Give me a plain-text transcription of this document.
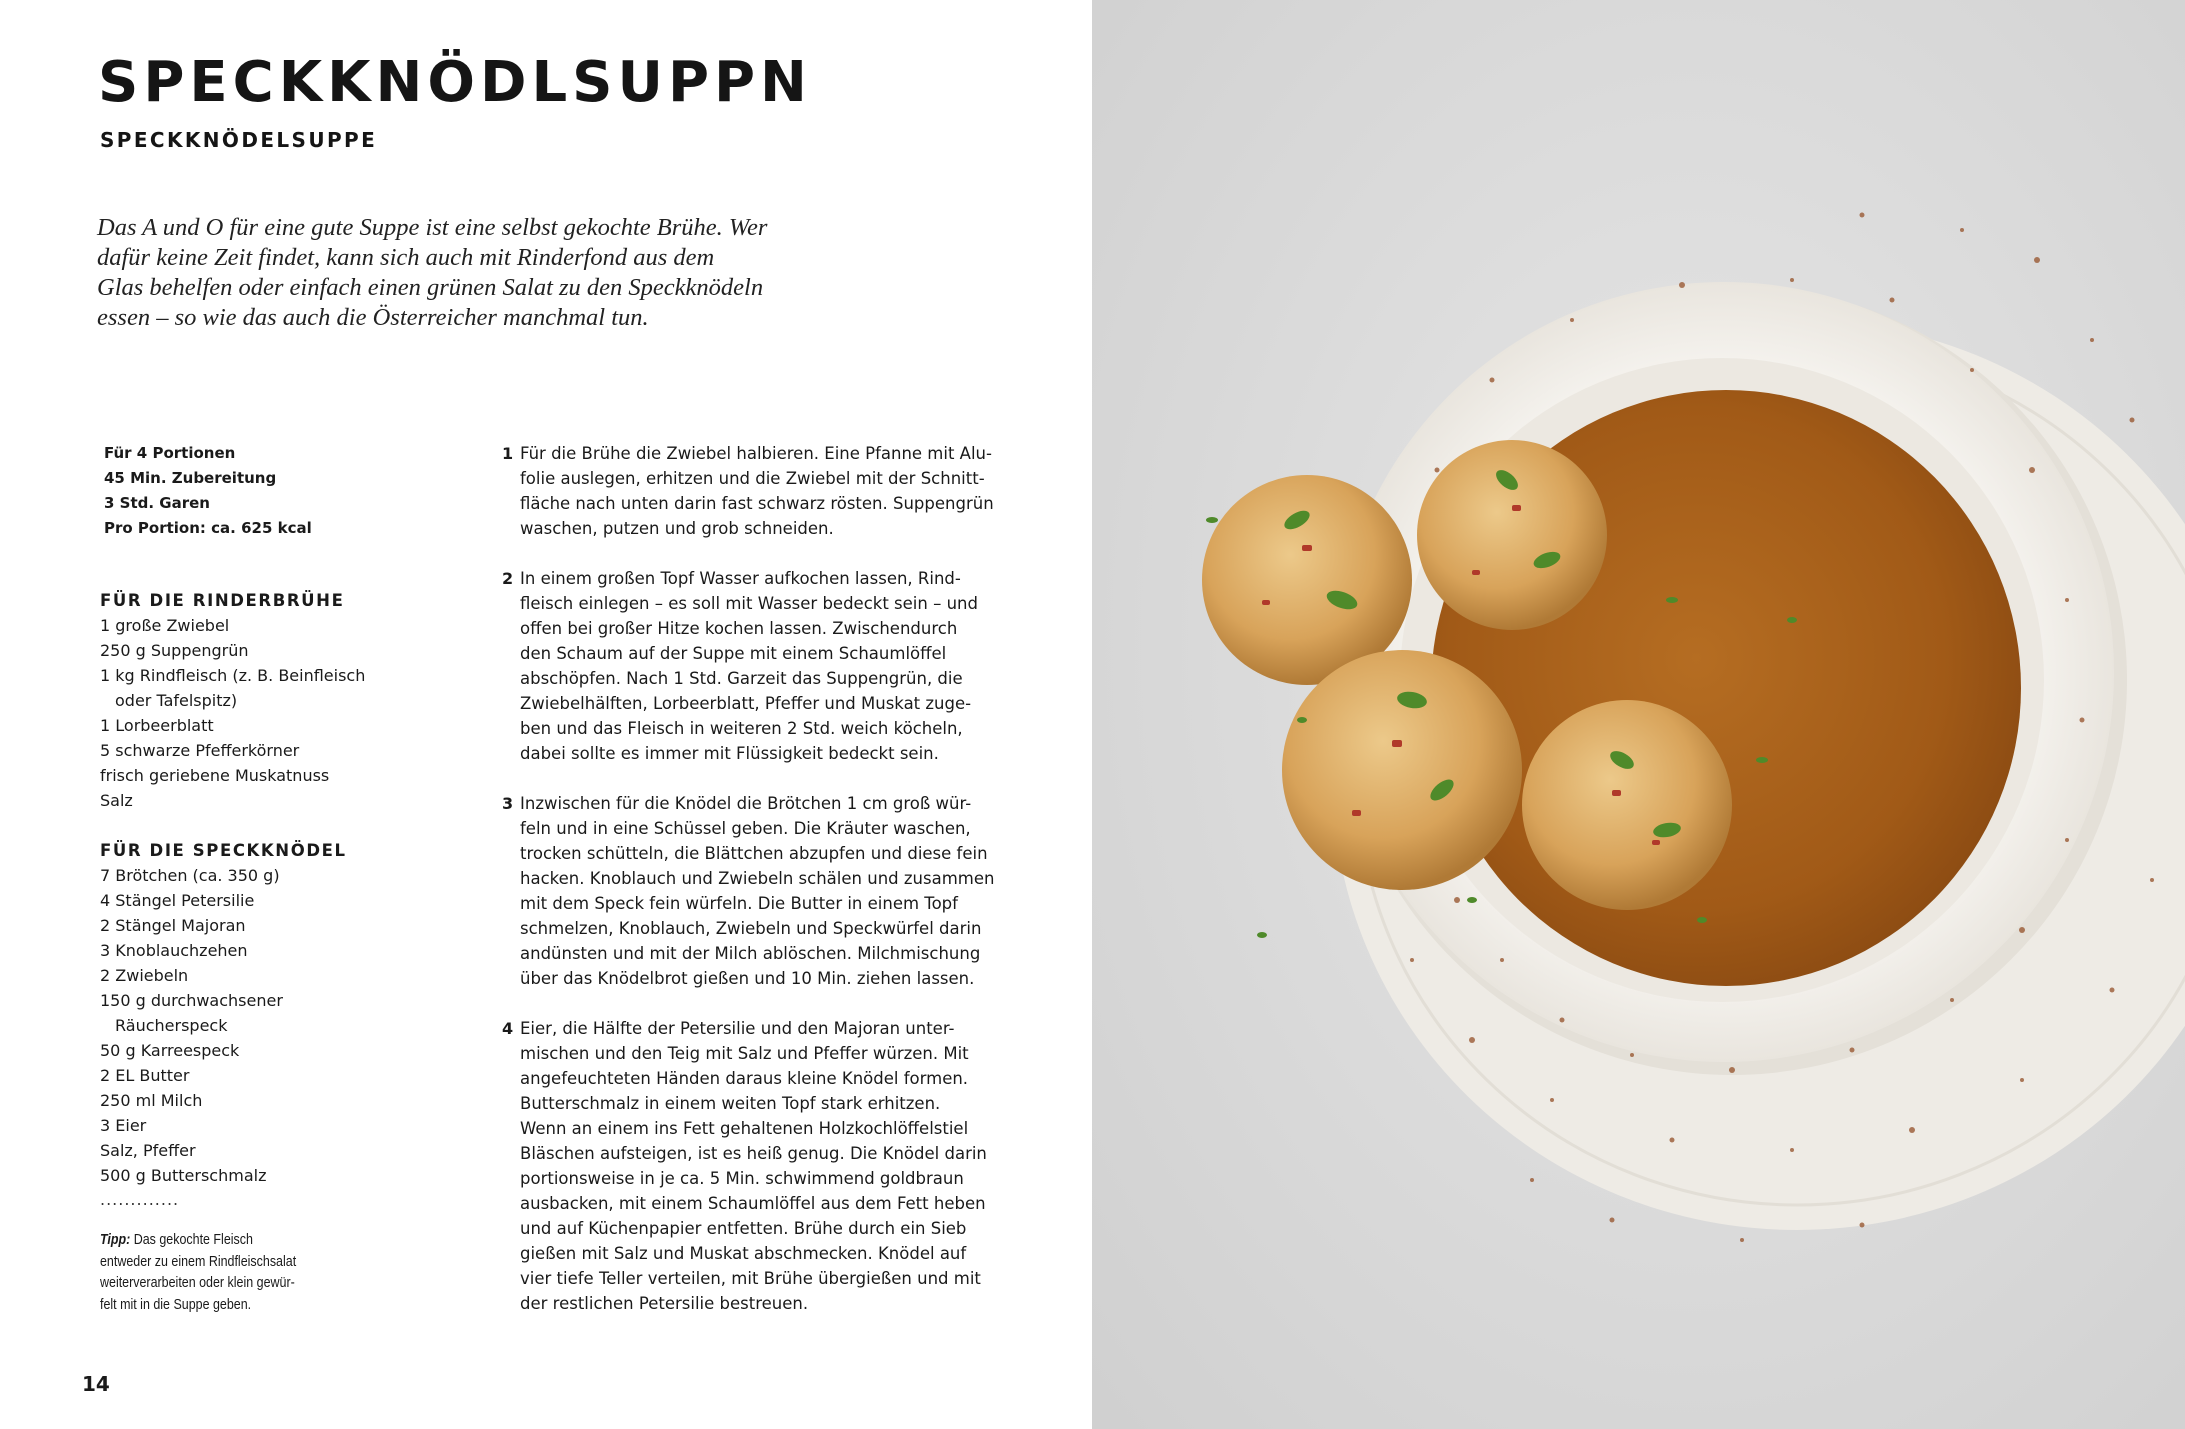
SPECKKNÖDLSUPPN
SPECKKNÖDELSUPPE

Das A und O für eine gute Suppe ist eine selbst gekochte Brühe. Wer
dafür keine Zeit findet, kann sich auch mit Rinderfond aus dem
Glas behelfen oder einfach einen grünen Salat zu den Speckknödeln
essen – so wie das auch die Österreicher manchmal tun.

Für 4 Portionen
45 Min. Zubereitung
3 Std. Garen
Pro Portion: ca. 625 kcal
FÜR DIE RINDERBRÜHE
1 große Zwiebel
250 g Suppengrün
1 kg Rindfleisch (z. B. Beinfleisch
oder Tafelspitz)
1 Lorbeerblatt
5 schwarze Pfefferkörner
frisch geriebene Muskatnuss
Salz
FÜR DIE SPECKKNÖDEL
7 Brötchen (ca. 350 g)
4 Stängel Petersilie
2 Stängel Majoran
3 Knoblauchzehen
2 Zwiebeln
150 g durchwachsener
Räucherspeck
50 g Karreespeck
2 EL Butter
250 ml Milch
3 Eier
Salz, Pfeffer
500 g Butterschmalz
.............
Tipp: Das gekochte Fleisch
entweder zu einem Rindfleischsalat
weiterverarbeiten oder klein gewür-
felt mit in die Suppe geben.
1 Für die Brühe die Zwiebel halbieren. Eine Pfanne mit Alu-
folie auslegen, erhitzen und die Zwiebel mit der Schnitt-
fläche nach unten darin fast schwarz rösten. Suppengrün
waschen, putzen und grob schneiden.
2 In einem großen Topf Wasser aufkochen lassen, Rind-
fleisch einlegen – es soll mit Wasser bedeckt sein – und
offen bei großer Hitze kochen lassen. Zwischendurch
den Schaum auf der Suppe mit einem Schaumlöffel
abschöpfen. Nach 1 Std. Garzeit das Suppengrün, die
Zwiebelhälften, Lorbeerblatt, Pfeffer und Muskat zuge-
ben und das Fleisch in weiteren 2 Std. weich köcheln,
dabei sollte es immer mit Flüssigkeit bedeckt sein.
3 Inzwischen für die Knödel die Brötchen 1 cm groß wür-
feln und in eine Schüssel geben. Die Kräuter waschen,
trocken schütteln, die Blättchen abzupfen und diese fein
hacken. Knoblauch und Zwiebeln schälen und zusammen
mit dem Speck fein würfeln. Die Butter in einem Topf
schmelzen, Knoblauch, Zwiebeln und Speckwürfel darin
andünsten und mit der Milch ablöschen. Milchmischung
über das Knödelbrot gießen und 10 Min. ziehen lassen.
4 Eier, die Hälfte der Petersilie und den Majoran unter-
mischen und den Teig mit Salz und Pfeffer würzen. Mit
angefeuchteten Händen daraus kleine Knödel formen.
Butterschmalz in einem weiten Topf stark erhitzen.
Wenn an einem ins Fett gehaltenen Holzkochlöffelstiel
Bläschen aufsteigen, ist es heiß genug. Die Knödel darin
portionsweise in je ca. 5 Min. schwimmend goldbraun
ausbacken, mit einem Schaumlöffel aus dem Fett heben
und auf Küchenpapier entfetten. Brühe durch ein Sieb
gießen mit Salz und Muskat abschmecken. Knödel auf
vier tiefe Teller verteilen, mit Brühe übergießen und mit
der restlichen Petersilie bestreuen.
14
